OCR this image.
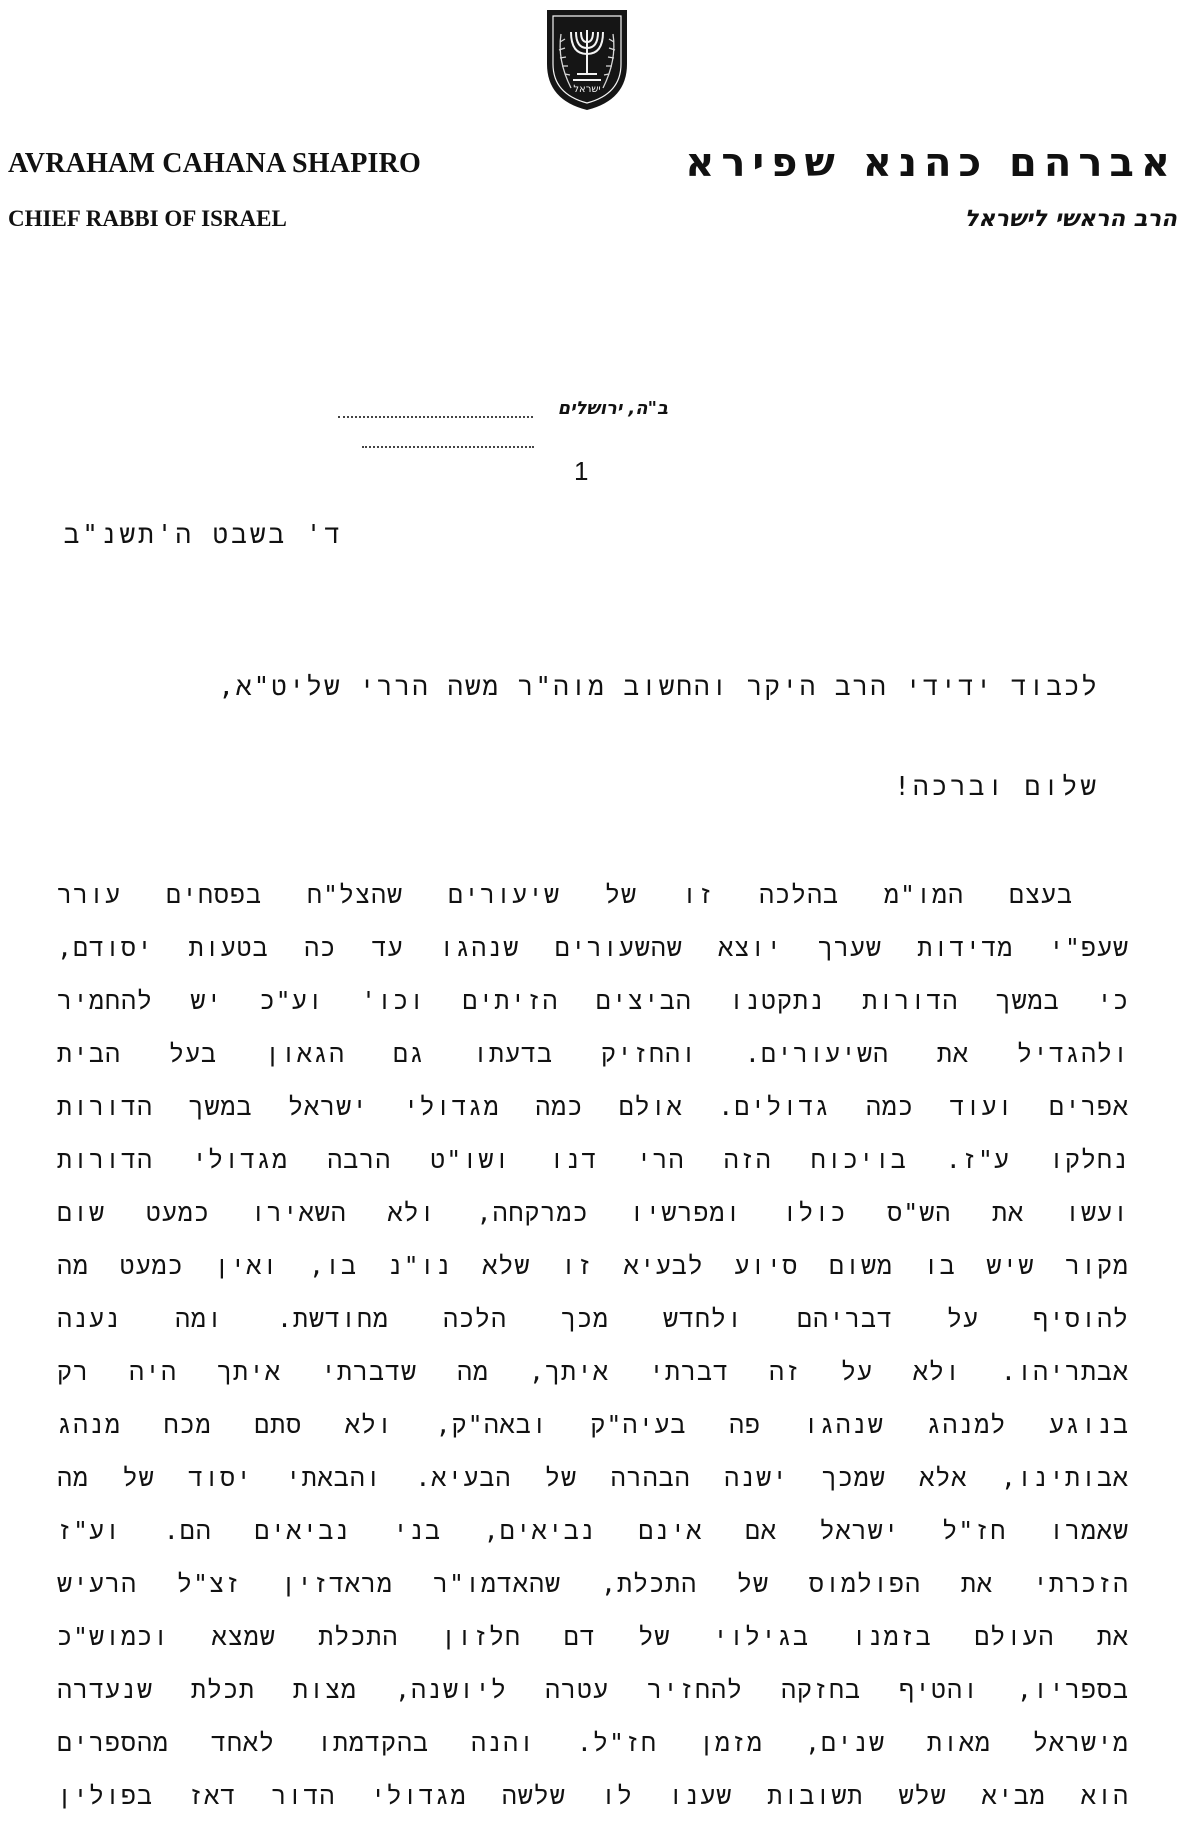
ישראל
AVRAHAM CAHANA SHAPIRO
CHIEF RABBI OF ISRAEL
אברהם כהנא שפירא
הרב הראשי לישראל
ב"ה, ירושלים
1
ד' בשבט ה'תשנ"ב
לכבוד ידידי הרב היקר והחשוב מוה"ר משה הררי שליט"א,
שלום וברכה!
בעצם המו"מ בהלכה זו של שיעורים שהצל"ח בפסחים עורר
שעפ"י מדידות שערך יוצא שהשעורים שנהגו עד כה בטעות יסודם,
כי במשך הדורות נתקטנו הביצים הזיתים וכו' וע"כ יש להחמיר
ולהגדיל את השיעורים. והחזיק בדעתו גם הגאון בעל הבית
אפרים ועוד כמה גדולים. אולם כמה מגדולי ישראל במשך הדורות
נחלקו ע"ז. בויכוח הזה הרי דנו ושו"ט הרבה מגדולי הדורות
ועשו את הש"ס כולו ומפרשיו כמרקחה, ולא השאירו כמעט שום
מקור שיש בו משום סיוע לבעיא זו שלא נו"נ בו, ואין כמעט מה
להוסיף על דבריהם ולחדש מכך הלכה מחודשת. ומה נענה
אבתריהו. ולא על זה דברתי איתך, מה שדברתי איתך היה רק
בנוגע למנהג שנהגו פה בעיה"ק ובאה"ק, ולא סתם מכח מנהג
אבותינו, אלא שמכך ישנה הבהרה של הבעיא. והבאתי יסוד של מה
שאמרו חז"ל ישראל אם אינם נביאים, בני נביאים הם. וע"ז
הזכרתי את הפולמוס של התכלת, שהאדמו"ר מראדזין זצ"ל הרעיש
את העולם בזמנו בגילוי של דם חלזון התכלת שמצא וכמוש"כ
בספריו, והטיף בחזקה להחזיר עטרה ליושנה, מצות תכלת שנעדרה
מישראל מאות שנים, מזמן חז"ל. והנה בהקדמתו לאחד מהספרים
הוא מביא שלש תשובות שענו לו שלשה מגדולי הדור דאז בפולין
